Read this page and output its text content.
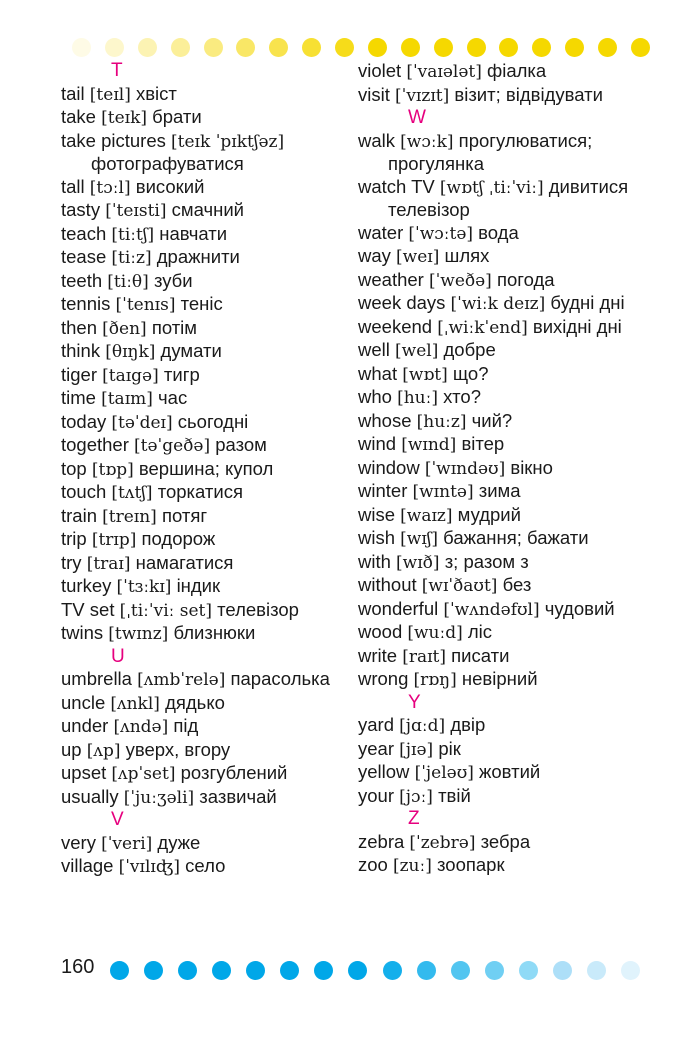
T
tail [teɪl] хвіст
take [teɪk] брати
take pictures [teɪk ˈpɪktʃəz] фотографуватися
tall [tɔːl] високий
tasty [ˈteɪsti] смачний
teach [tiːtʃ] навчати
tease [tiːz] дражнити
teeth [tiːθ] зуби
tennis [ˈtenɪs] теніс
then [ðen] потім
think [θɪŋk] думати
tiger [taɪgə] тигр
time [taɪm] час
today [təˈdeɪ] сьогодні
together [təˈgeðə] разом
top [tɒp] вершина; купол
touch [tʌtʃ] торкатися
train [treɪn] потяг
trip [trɪp] подорож
try [traɪ] намагатися
turkey [ˈtɜːkɪ] індик
TV set [ˌtiːˈviː set] телевізор
twins [twɪnz] близнюки
U
umbrella [ʌmbˈrelə] парасолька
uncle [ʌnkl] дядько
under [ʌndə] під
up [ʌp] уверх, вгору
upset [ʌpˈset] розгублений
usually [ˈjuːʒəli] зазвичай
V
very [ˈveri] дуже
village [ˈvɪlɪʤ] село
violet [ˈvaɪələt] фіалка
visit [ˈvɪzɪt] візит; відвідувати
W
walk [wɔːk] прогулюватися; прогулянка
watch TV [wɒtʃ ˌtiːˈviː] дивитися телевізор
water [ˈwɔːtə] вода
way [weɪ] шлях
weather [ˈweðə] погода
week days [ˈwiːk deɪz] будні дні
weekend [ˌwiːkˈend] вихідні дні
well [wel] добре
what [wɒt] що?
who [huː] хто?
whose [huːz] чий?
wind [wɪnd] вітер
window [ˈwɪndəʊ] вікно
winter [wɪntə] зима
wise [waɪz] мудрий
wish [wɪʃ] бажання; бажати
with [wɪð] з; разом з
without [wɪˈðaʊt] без
wonderful [ˈwʌndəfʊl] чудовий
wood [wuːd] ліс
write [raɪt] писати
wrong [rɒŋ] невірний
Y
yard [jɑːd] двір
year [jɪə] рік
yellow [ˈjeləʊ] жовтий
your [jɔː] твій
Z
zebra [ˈzebrə] зебра
zoo [zuː] зоопарк
160
